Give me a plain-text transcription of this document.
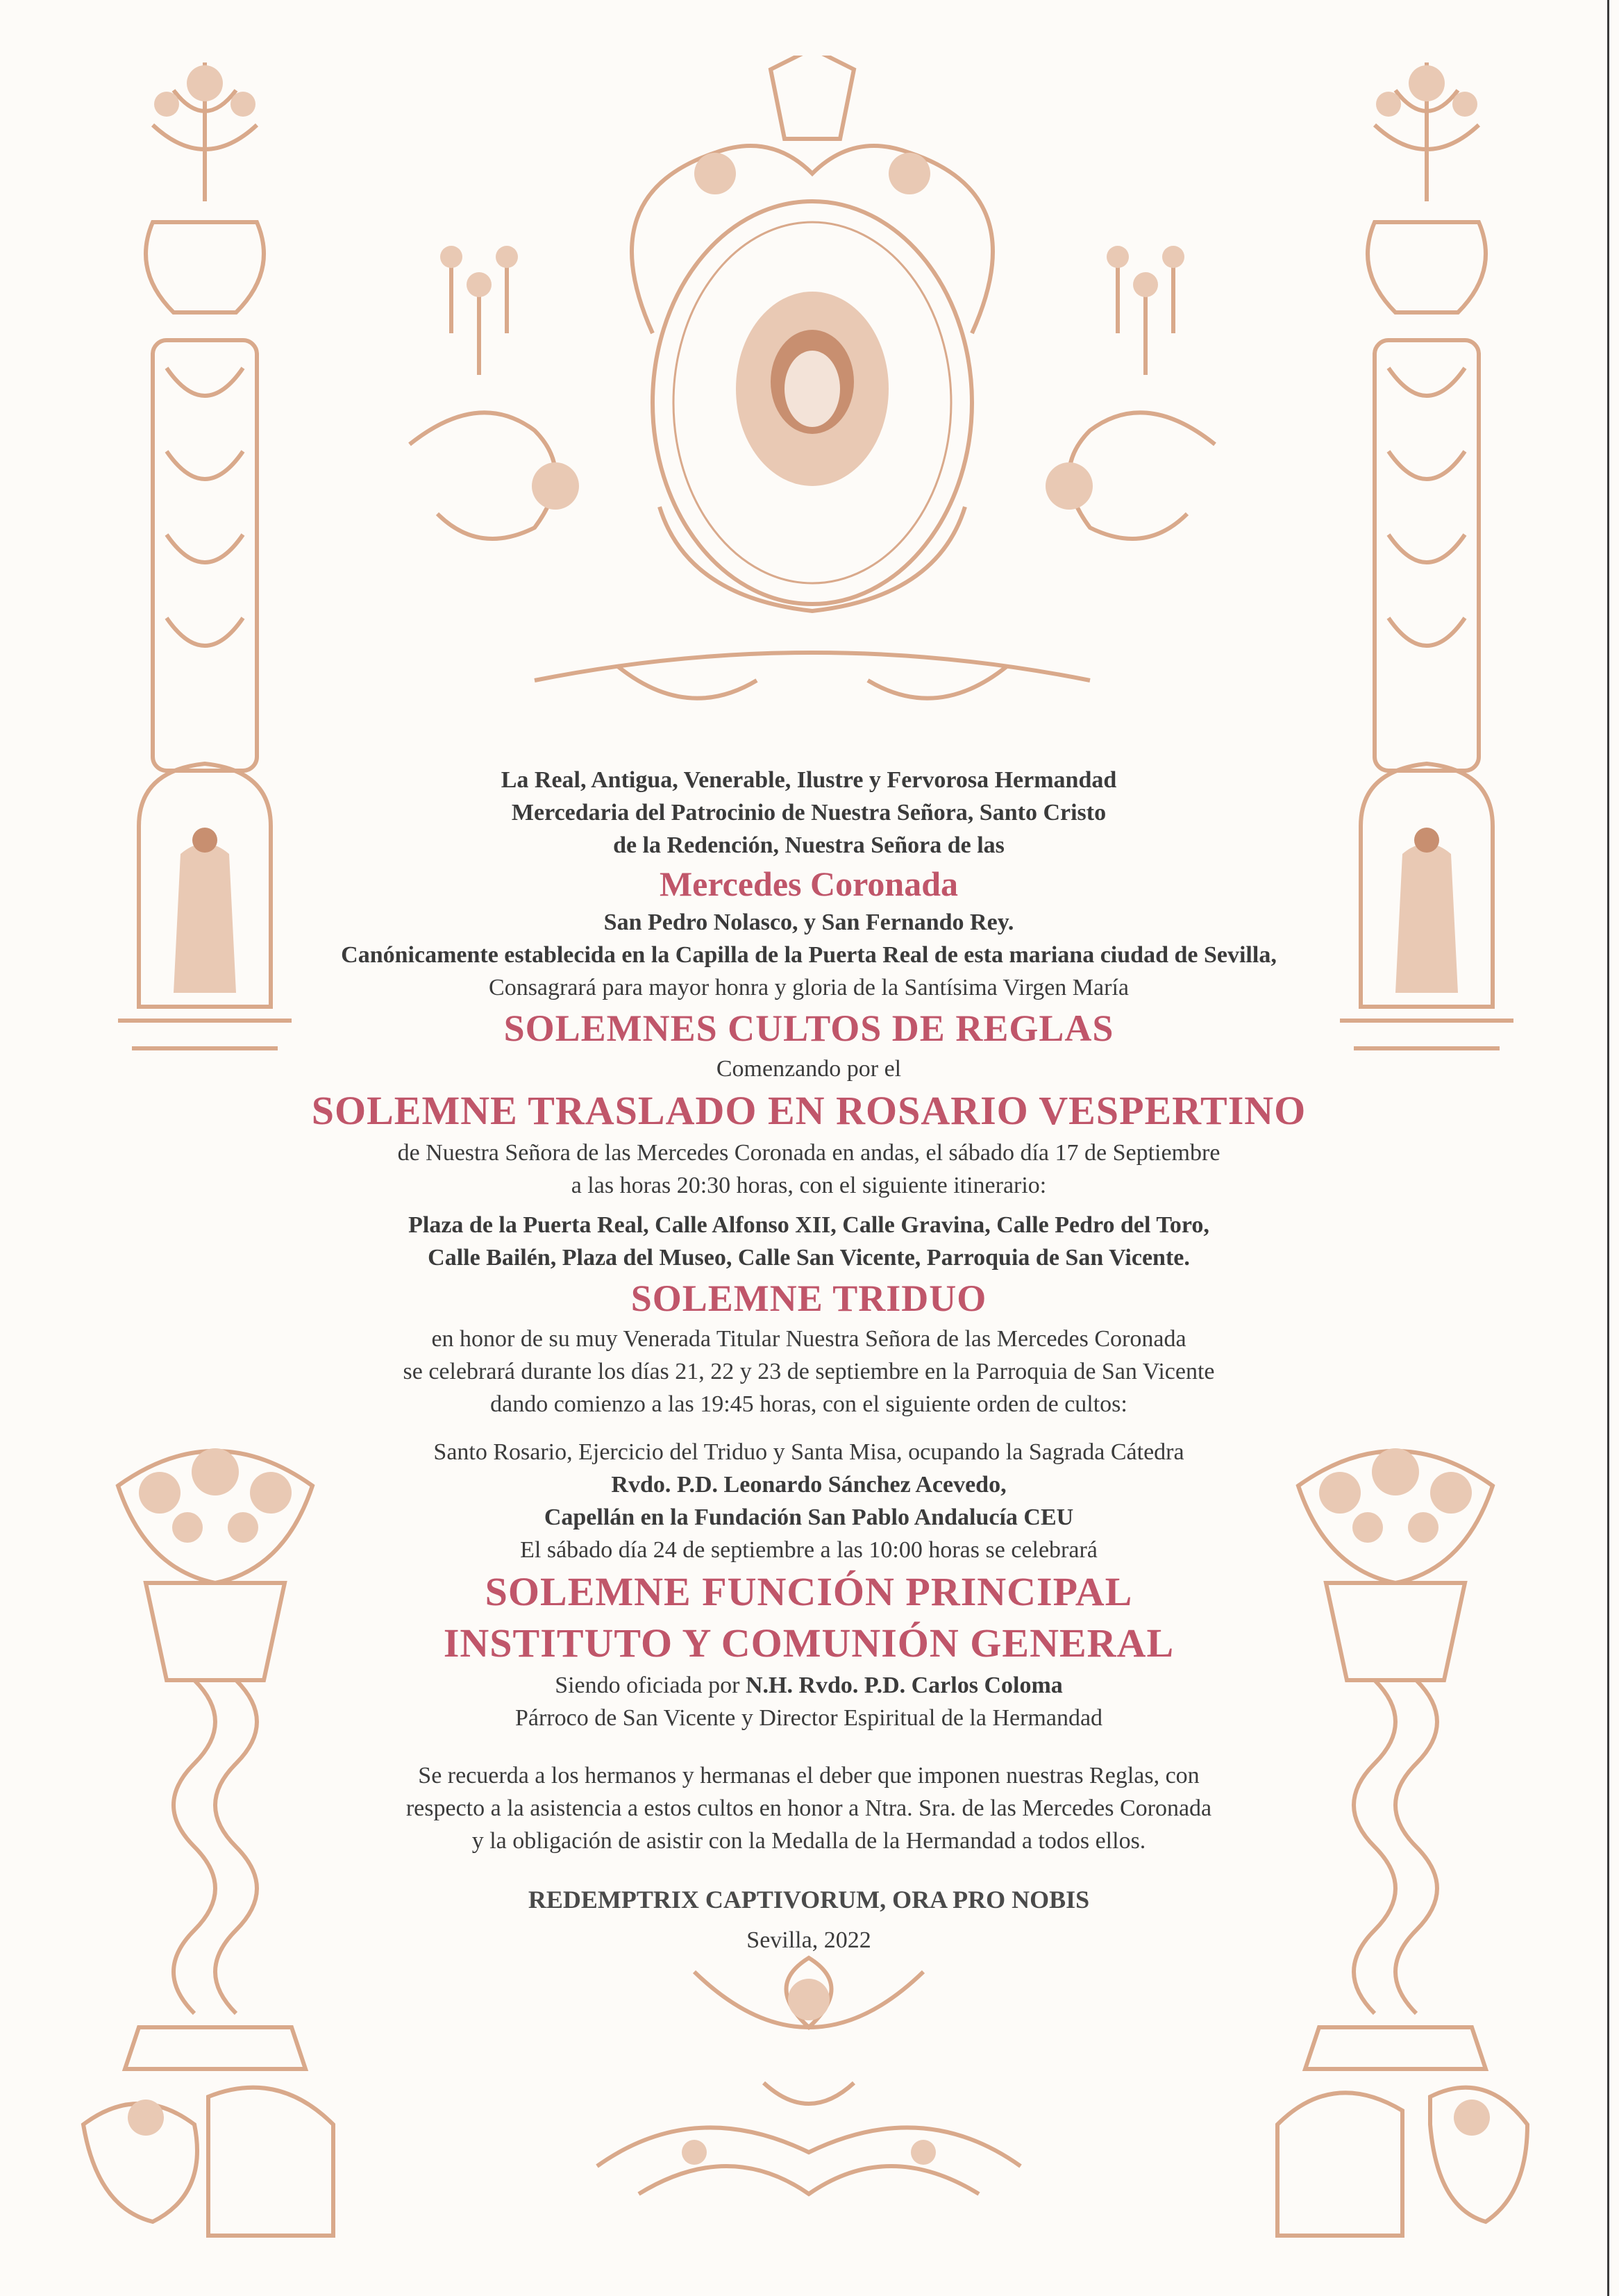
La Real, Antigua, Venerable, Ilustre y Fervorosa Hermandad
Mercedaria del Patrocinio de Nuestra Señora, Santo Cristo
de la Redención, Nuestra Señora de las
Mercedes Coronada
San Pedro Nolasco, y San Fernando Rey.
Canónicamente establecida en la Capilla de la Puerta Real de esta mariana ciudad de Sevilla,
Consagrará para mayor honra y gloria de la Santísima Virgen María
SOLEMNES CULTOS DE REGLAS
Comenzando por el
SOLEMNE TRASLADO EN ROSARIO VESPERTINO
de Nuestra Señora de las Mercedes Coronada en andas, el sábado día 17 de Septiembre
a las horas 20:30 horas, con el siguiente itinerario:
Plaza de la Puerta Real, Calle Alfonso XII, Calle Gravina, Calle Pedro del Toro,
Calle Bailén, Plaza del Museo, Calle San Vicente, Parroquia de San Vicente.
SOLEMNE TRIDUO
en honor de su muy Venerada Titular Nuestra Señora de las Mercedes Coronada
se celebrará durante los días 21, 22 y 23 de septiembre en la Parroquia de San Vicente
dando comienzo a las 19:45 horas, con el siguiente orden de cultos:
Santo Rosario, Ejercicio del Triduo y Santa Misa, ocupando la Sagrada Cátedra
Rvdo. P.D. Leonardo Sánchez Acevedo,
Capellán en la Fundación San Pablo Andalucía CEU
El sábado día 24 de septiembre a las 10:00 horas se celebrará
SOLEMNE FUNCIÓN PRINCIPAL
INSTITUTO Y COMUNIÓN GENERAL
Siendo oficiada por N.H. Rvdo. P.D. Carlos Coloma
Párroco de San Vicente y Director Espiritual de la Hermandad
Se recuerda a los hermanos y hermanas el deber que imponen nuestras Reglas, con
respecto a la asistencia a estos cultos en honor a Ntra. Sra. de las Mercedes Coronada
y la obligación de asistir con la Medalla de la Hermandad a todos ellos.
REDEMPTRIX CAPTIVORUM, ORA PRO NOBIS
Sevilla, 2022
